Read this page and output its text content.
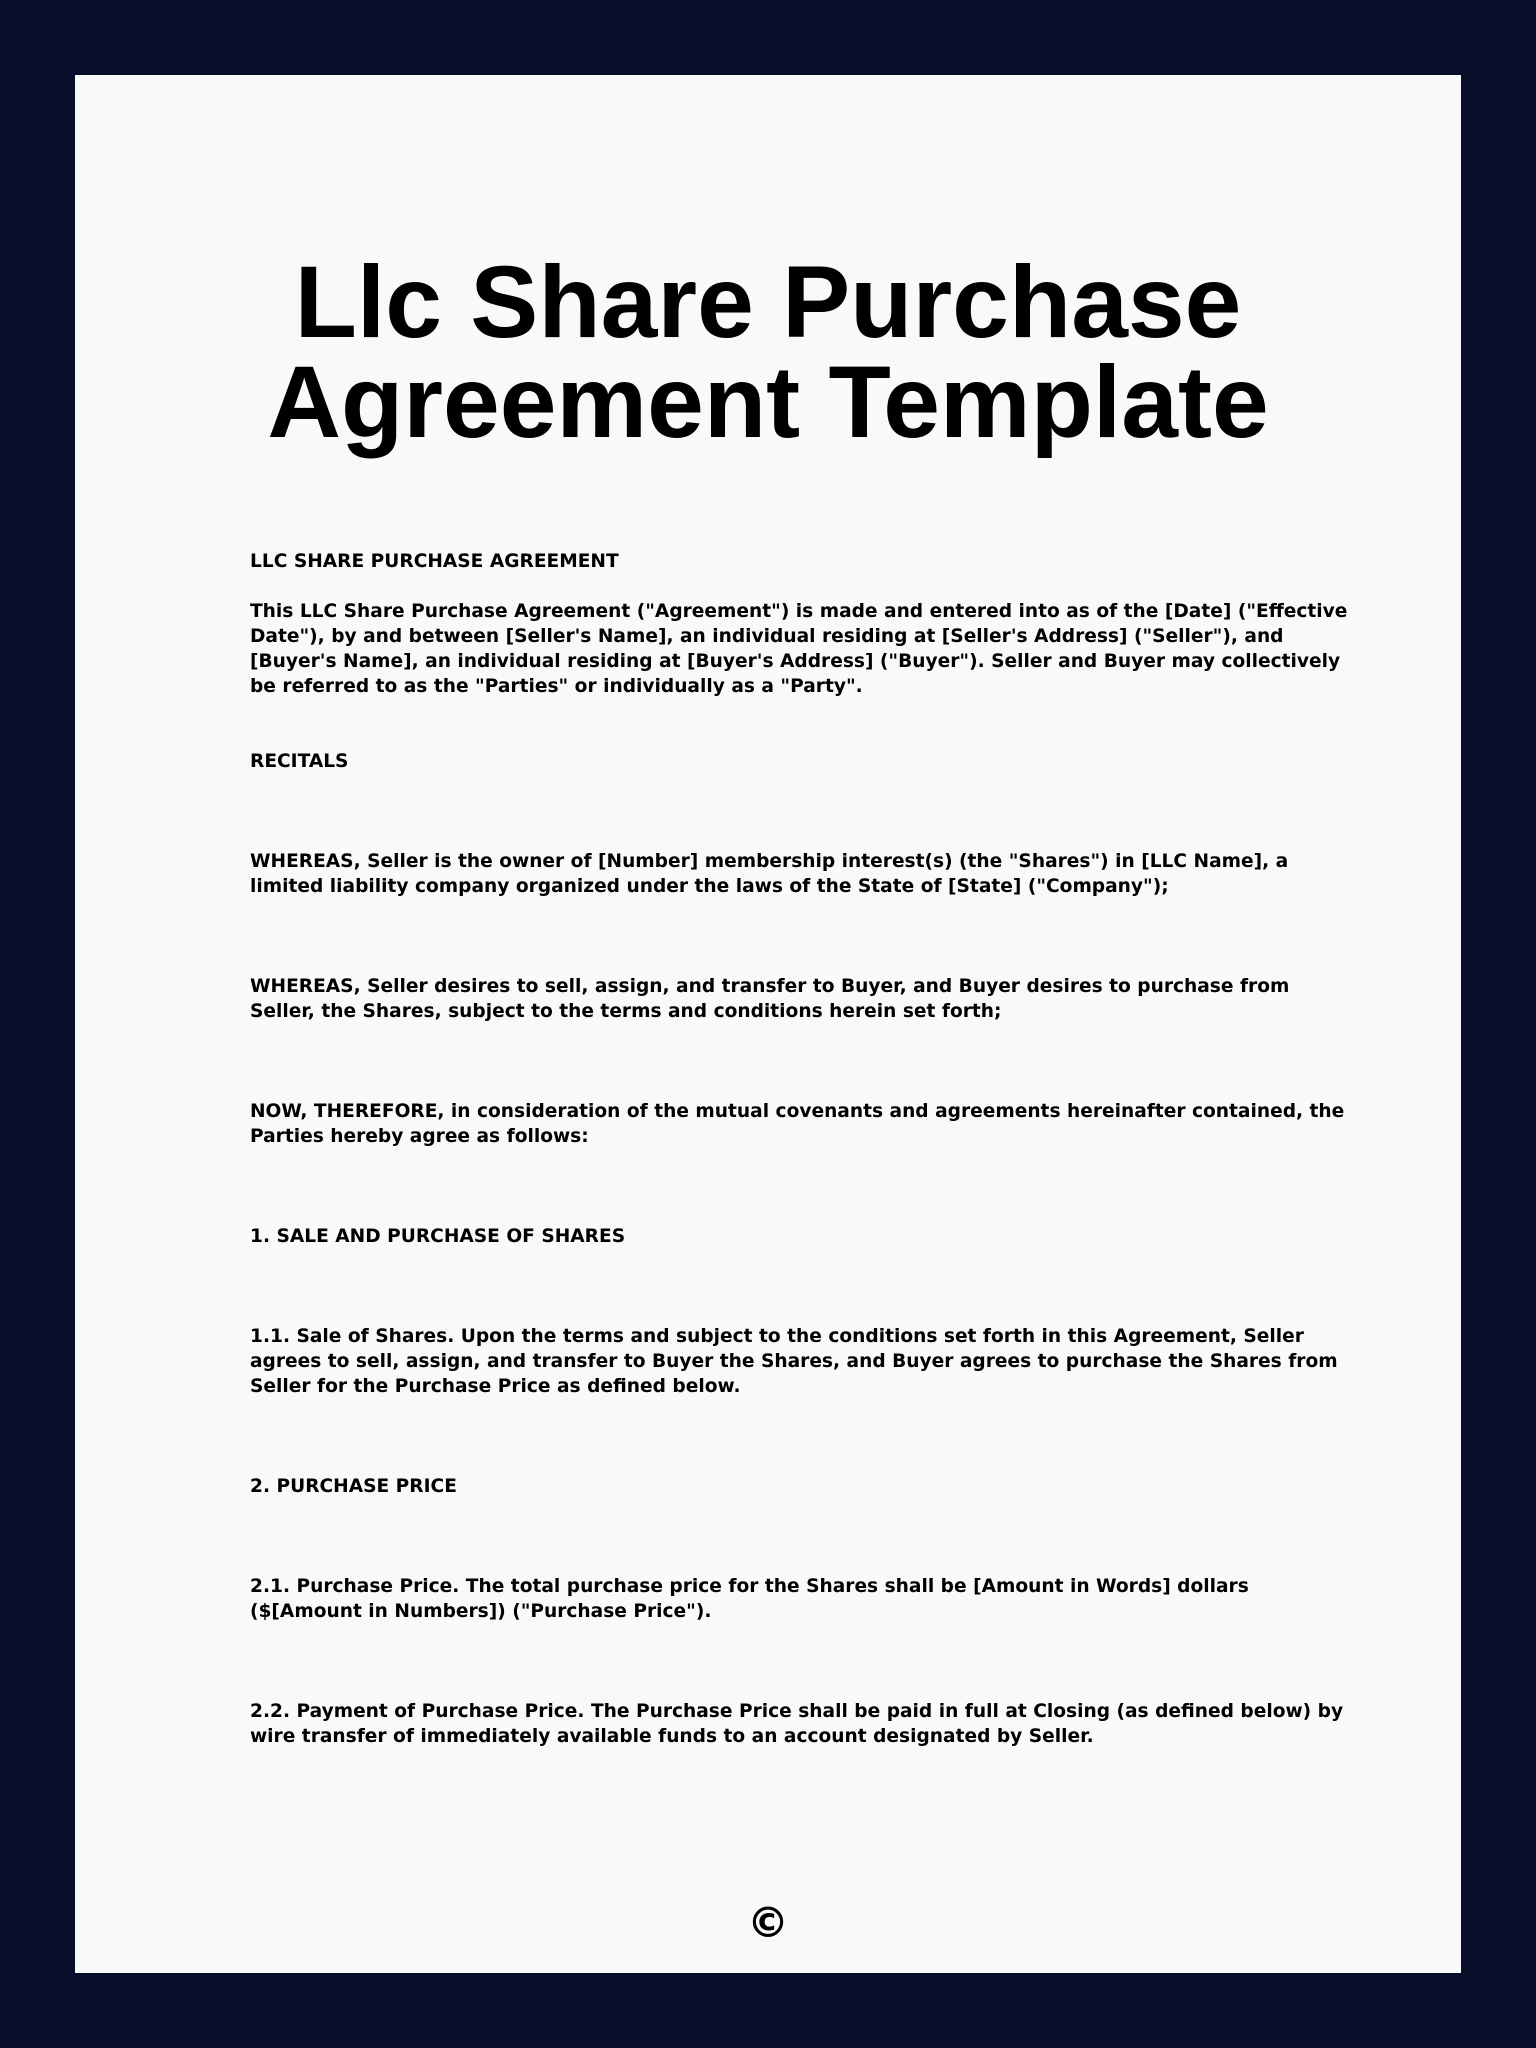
Llc Share Purchase
Agreement Template

LLC SHARE PURCHASE AGREEMENT

This LLC Share Purchase Agreement ("Agreement") is made and entered into as of the [Date] ("Effective Date"), by and between [Seller's Name], an individual residing at [Seller's Address] ("Seller"), and [Buyer's Name], an individual residing at [Buyer's Address] ("Buyer"). Seller and Buyer may collectively be referred to as the "Parties" or individually as a "Party".

RECITALS

WHEREAS, Seller is the owner of [Number] membership interest(s) (the "Shares") in [LLC Name], a limited liability company organized under the laws of the State of [State] ("Company");

WHEREAS, Seller desires to sell, assign, and transfer to Buyer, and Buyer desires to purchase from Seller, the Shares, subject to the terms and conditions herein set forth;

NOW, THEREFORE, in consideration of the mutual covenants and agreements hereinafter contained, the Parties hereby agree as follows:

1. SALE AND PURCHASE OF SHARES

1.1. Sale of Shares. Upon the terms and subject to the conditions set forth in this Agreement, Seller agrees to sell, assign, and transfer to Buyer the Shares, and Buyer agrees to purchase the Shares from Seller for the Purchase Price as defined below.

2. PURCHASE PRICE

2.1. Purchase Price. The total purchase price for the Shares shall be [Amount in Words] dollars ($[Amount in Numbers]) ("Purchase Price").

2.2. Payment of Purchase Price. The Purchase Price shall be paid in full at Closing (as defined below) by wire transfer of immediately available funds to an account designated by Seller.

©
